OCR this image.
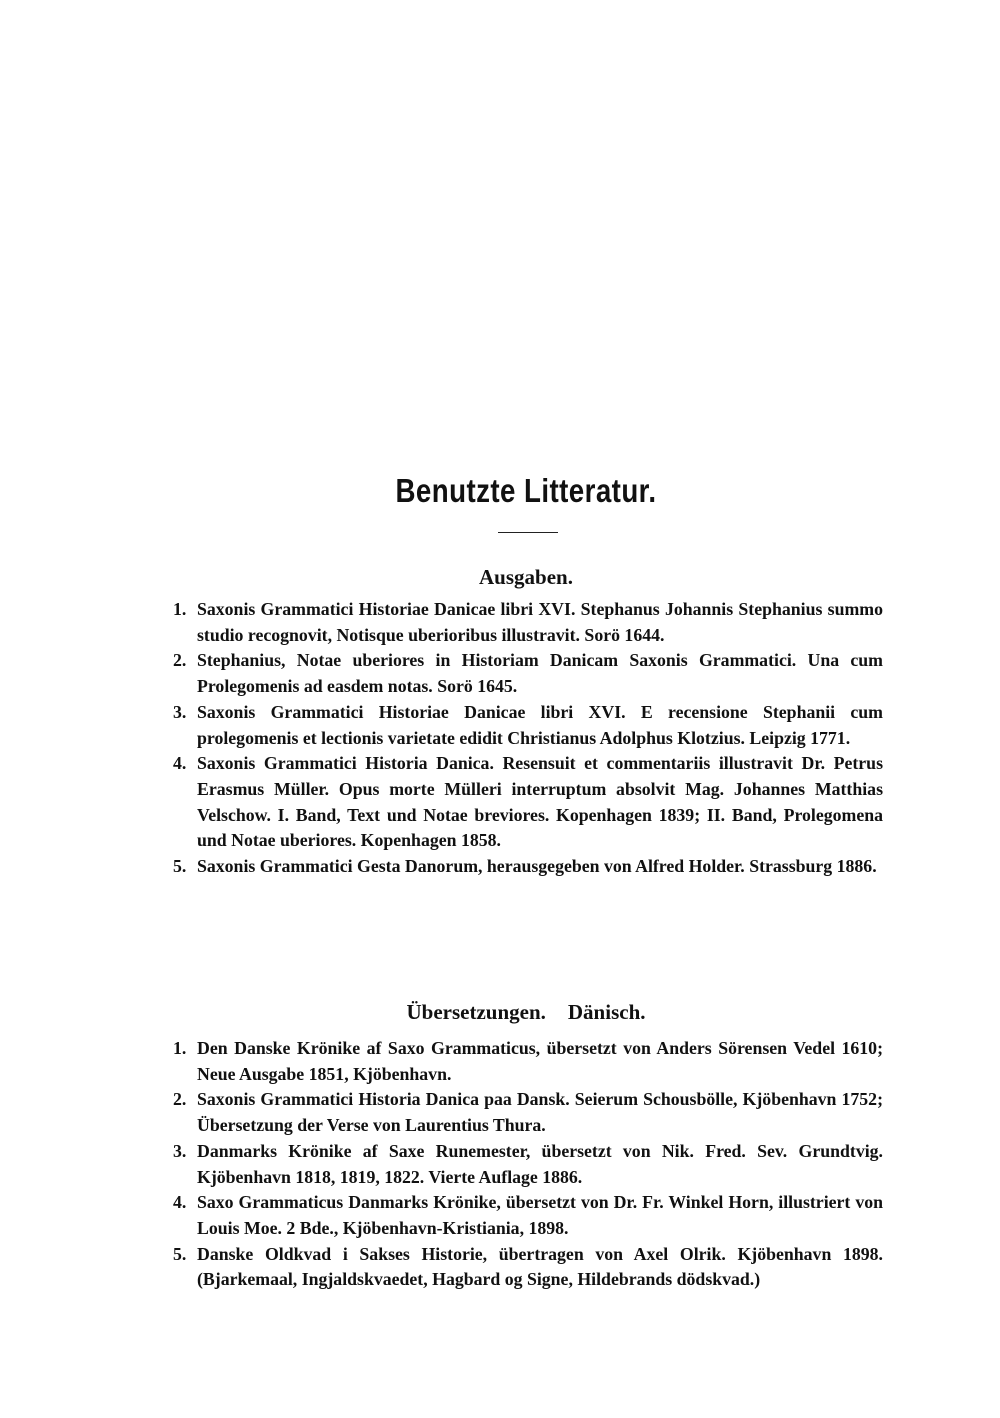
Benutzte Litteratur.
Ausgaben.
1. Saxonis Grammatici Historiae Danicae libri XVI. Stephanus Johannis Stephanius summo studio recognovit, Notisque uberioribus illustravit. Sorö 1644.
2. Stephanius, Notae uberiores in Historiam Danicam Saxonis Grammatici. Una cum Prolegomenis ad easdem notas. Sorö 1645.
3. Saxonis Grammatici Historiae Danicae libri XVI. E recensione Stephanii cum prolegomenis et lectionis varietate edidit Christianus Adolphus Klotzius. Leipzig 1771.
4. Saxonis Grammatici Historia Danica. Resensuit et commentariis illustravit Dr. Petrus Erasmus Müller. Opus morte Mülleri interruptum absolvit Mag. Johannes Matthias Velschow. I. Band, Text und Notae breviores. Kopenhagen 1839; II. Band, Prolegomena und Notae uberiores. Kopenhagen 1858.
5. Saxonis Grammatici Gesta Danorum, herausgegeben von Alfred Holder. Strassburg 1886.
Übersetzungen. Dänisch.
1. Den Danske Krönike af Saxo Grammaticus, übersetzt von Anders Sörensen Vedel 1610; Neue Ausgabe 1851, Kjöbenhavn.
2. Saxonis Grammatici Historia Danica paa Dansk. Seierum Schousbölle, Kjöbenhavn 1752; Übersetzung der Verse von Laurentius Thura.
3. Danmarks Krönike af Saxe Runemester, übersetzt von Nik. Fred. Sev. Grundtvig. Kjöbenhavn 1818, 1819, 1822. Vierte Auflage 1886.
4. Saxo Grammaticus Danmarks Krönike, übersetzt von Dr. Fr. Winkel Horn, illustriert von Louis Moe. 2 Bde., Kjöbenhavn-Kristiania, 1898.
5. Danske Oldkvad i Sakses Historie, übertragen von Axel Olrik. Kjöbenhavn 1898. (Bjarkemaal, Ingjaldskvaedet, Hagbard og Signe, Hildebrands dödskvad.)
